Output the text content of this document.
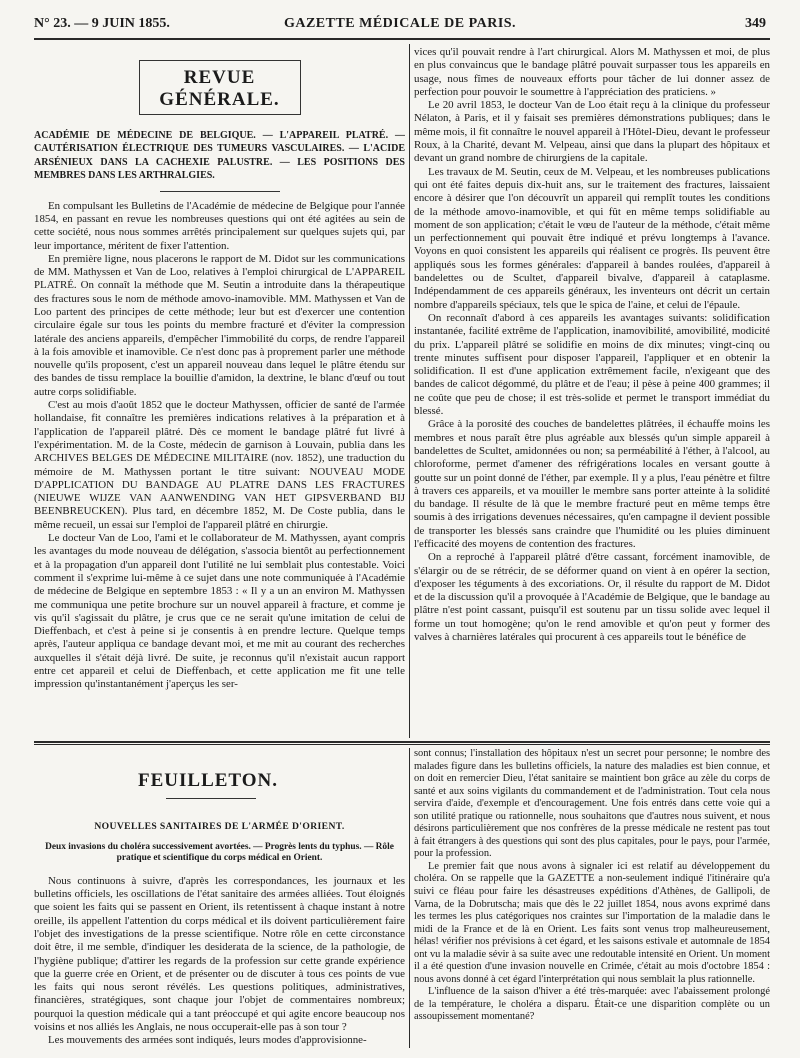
N° 23. — 9 JUIN 1855.	GAZETTE MÉDICALE DE PARIS.	349
REVUE GÉNÉRALE.
ACADÉMIE DE MÉDECINE DE BELGIQUE. — L'APPAREIL PLATRÉ. — CAUTÉRISATION ÉLECTRIQUE DES TUMEURS VASCULAIRES. — L'ACIDE ARSÉNIEUX DANS LA CACHEXIE PALUSTRE. — LES POSITIONS DES MEMBRES DANS LES ARTHRALGIES.

En compulsant les Bulletins de l'Académie de médecine de Belgique pour l'année 1854, en passant en revue les nombreuses questions qui ont été agitées au sein de cette société, nous nous sommes arrêtés principalement sur quelques sujets qui, par leur importance, méritent de fixer l'attention.

En première ligne, nous placerons le rapport de M. Didot sur les communications de MM. Mathyssen et Van de Loo, relatives à l'emploi chirurgical de L'APPAREIL PLATRÉ. On connaît la méthode que M. Seutin a introduite dans la thérapeutique des fractures sous le nom de méthode amovo-inamovible. MM. Mathyssen et Van de Loo partent des principes de cette méthode; leur but est d'exercer une contention circulaire égale sur tous les points du membre fracturé et d'éviter la compression latérale des anciens appareils, d'empêcher l'immobilité du corps, de rendre l'appareil à la fois amovible et inamovible. Ce n'est donc pas à proprement parler une méthode nouvelle qu'ils proposent, c'est un appareil nouveau dans lequel le plâtre étendu sur des bandes de tissu remplace la bouillie d'amidon, la dextrine, le blanc d'œuf ou tout autre corps solidifiable.

C'est au mois d'août 1852 que le docteur Mathyssen, officier de santé de l'armée hollandaise, fit connaître les premières indications relatives à la préparation et à l'application de l'appareil plâtré. Dès ce moment le bandage plâtré fut livré à l'expérimentation. M. de la Coste, médecin de garnison à Louvain, publia dans les ARCHIVES BELGES DE MÉDECINE MILITAIRE (nov. 1852), une traduction du mémoire de M. Mathyssen portant le titre suivant: NOUVEAU MODE D'APPLICATION DU BANDAGE AU PLATRE DANS LES FRACTURES (NIEUWE WIJZE VAN AANWENDING VAN HET GIPSVERBAND BIJ BEENBREUCKEN). Plus tard, en décembre 1852, M. De Coste publia, dans le même recueil, un essai sur l'emploi de l'appareil plâtré en chirurgie.

Le docteur Van de Loo, l'ami et le collaborateur de M. Mathyssen, ayant compris les avantages du mode nouveau de délégation, s'associa bientôt au perfectionnement et à la propagation d'un appareil dont l'utilité ne lui semblait plus contestable. Voici comment il s'exprime lui-même à ce sujet dans une note communiquée à l'Académie de médecine de Belgique en septembre 1853 : « Il y a un an environ M. Mathyssen me communiqua une petite brochure sur un nouvel appareil à fracture, et comme je vis qu'il s'agissait du plâtre, je crus que ce ne serait qu'une imitation de celui de Dieffenbach, et c'est à peine si je consentis à en prendre lecture. Quelque temps après, l'auteur appliqua ce bandage devant moi, et me mit au courant des recherches auxquelles il s'était déjà livré. De suite, je reconnus qu'il n'existait aucun rapport entre cet appareil et celui de Dieffenbach, et cette application me fit une telle impression qu'instantanément j'aperçus les ser-

vices qu'il pouvait rendre à l'art chirurgical. Alors M. Mathyssen et moi, de plus en plus convaincus que le bandage plâtré pouvait surpasser tous les appareils en usage, nous fîmes de nouveaux efforts pour tâcher de lui donner assez de perfection pour pouvoir le soumettre à l'appréciation des praticiens. »

Le 20 avril 1853, le docteur Van de Loo était reçu à la clinique du professeur Nélaton, à Paris, et il y faisait ses premières démonstrations publiques; dans le même mois, il fit connaître le nouvel appareil à l'Hôtel-Dieu, devant le professeur Roux, à la Charité, devant M. Velpeau, ainsi que dans la plupart des hôpitaux et devant un grand nombre de chirurgiens de la capitale.

Les travaux de M. Seutin, ceux de M. Velpeau, et les nombreuses publications qui ont été faites depuis dix-huit ans, sur le traitement des fractures, laissaient encore à désirer que l'on découvrît un appareil qui remplît toutes les conditions de la méthode amovo-inamovible, et qui fût en même temps solidifiable au moment de son application; c'était le vœu de l'auteur de la méthode, c'était même un perfectionnement qui pouvait être indiqué et prévu longtemps à l'avance. Voyons en quoi consistent les appareils qui réalisent ce progrès. Ils peuvent être appliqués sous les formes générales: d'appareil à bandes roulées, d'appareil à bandelettes ou de Scultet, d'appareil bivalve, d'appareil à cataplasme. Indépendamment de ces appareils généraux, les inventeurs ont décrit un certain nombre d'appareils spéciaux, tels que le spica de l'aine, et celui de l'épaule.

On reconnaît d'abord à ces appareils les avantages suivants: solidification instantanée, facilité extrême de l'application, inamovibilité, amovibilité, modicité du prix. L'appareil plâtré se solidifie en moins de dix minutes; vingt-cinq ou trente minutes suffisent pour disposer l'appareil, l'appliquer et en obtenir la solidification. Il est d'une application extrêmement facile, n'exigeant que des bandes de calicot dégommé, du plâtre et de l'eau; il pèse à peine 400 grammes; il ne coûte que peu de chose; il est très-solide et permet le transport immédiat du blessé.

Grâce à la porosité des couches de bandelettes plâtrées, il échauffe moins les membres et nous paraît être plus agréable aux blessés qu'un simple appareil à bandelettes de Scultet, amidonnées ou non; sa perméabilité à l'éther, à l'alcool, au chloroforme, permet d'amener des réfrigérations locales en versant goutte à goutte sur un point donné de l'éther, par exemple. Il y a plus, l'eau pénètre et filtre à travers ces appareils, et va mouiller le membre sans porter atteinte à la solidité du bandage. Il résulte de là que le membre fracturé peut en même temps être soumis à des irrigations devenues nécessaires, qu'en campagne il devient possible de transporter les blessés sans craindre que l'humidité ou les pluies diminuent l'efficacité des moyens de contention des fractures.

On a reproché à l'appareil plâtré d'être cassant, forcément inamovible, de s'élargir ou de se rétrécir, de se déformer quand on vient à en opérer la section, d'exposer les téguments à des excoriations. Or, il résulte du rapport de M. Didot et de la discussion qu'il a provoquée à l'Académie de Belgique, que le bandage au plâtre n'est point cassant, puisqu'il est soutenu par un tissu solide avec lequel il forme un tout homogène; qu'on le rend amovible et qu'on peut y former des valves à charnières latérales qui procurent à ces appareils tout le bénéfice de

FEUILLETON.
NOUVELLES SANITAIRES DE L'ARMÉE D'ORIENT.
Deux invasions du choléra successivement avortées. — Progrès lents du typhus. — Rôle pratique et scientifique du corps médical en Orient.

Nous continuons à suivre, d'après les correspondances, les journaux et les bulletins officiels, les oscillations de l'état sanitaire des armées alliées. Tout éloignés que soient les faits qui se passent en Orient, ils retentissent à chaque instant à notre oreille, ils appellent l'attention du corps médical et ils doivent particulièrement faire l'objet des investigations de la presse scientifique. Notre rôle en cette circonstance doit être, il me semble, d'indiquer les desiderata de la science, de la pathologie, de l'hygiène publique; d'attirer les regards de la profession sur cette grande expérience que la guerre crée en Orient, et de présenter ou de discuter à tous ces points de vue les faits qui nous seront révélés. Les questions politiques, administratives, financières, stratégiques, sont chaque jour l'objet de commentaires nombreux; pourquoi la question médicale qui a tant préoccupé et qui agite encore beaucoup nos voisins et nos alliés les Anglais, ne nous occuperait-elle pas à son tour ?

Les mouvements des armées sont indiqués, leurs modes d'approvisionne-

sont connus; l'installation des hôpitaux n'est un secret pour personne; le nombre des malades figure dans les bulletins officiels, la nature des maladies est bien connue, et on doit en remercier Dieu, l'état sanitaire se maintient bon grâce au zèle du corps de santé et aux soins vigilants du commandement et de l'administration. Tout cela nous servira d'aide, d'exemple et d'encouragement. Une fois entrés dans cette voie qui a son utilité pratique ou rationnelle, nous souhaitons que d'autres nous suivent, et nous désirons particulièrement que nos confrères de la presse médicale ne restent pas tout à fait étrangers à des questions qui sont des plus capitales, pour le pays, pour l'armée, pour la profession.

Le premier fait que nous avons à signaler ici est relatif au développement du choléra. On se rappelle que la GAZETTE a non-seulement indiqué l'itinéraire qu'a suivi ce fléau pour faire les désastreuses expéditions d'Athènes, de Gallipoli, de Varna, de la Dobrutscha; mais que dès le 22 juillet 1854, nous avons exprimé dans les termes les plus catégoriques nos craintes sur l'importation de la maladie dans le midi de la France et de là en Orient. Les faits sont venus trop malheureusement, hélas! vérifier nos prévisions à cet égard, et les saisons estivale et automnale de 1854 ont vu la maladie sévir à sa suite avec une redoutable intensité en Orient. Un moment il a été question d'une invasion nouvelle en Crimée, c'était au mois d'octobre 1854 : nous avons donné à cet égard l'interprétation qui nous semblait la plus rationnelle.

L'influence de la saison d'hiver a été très-marquée: avec l'abaissement prolongé de la température, le choléra a disparu. Était-ce une disparition complète ou un assoupissement momentané?
